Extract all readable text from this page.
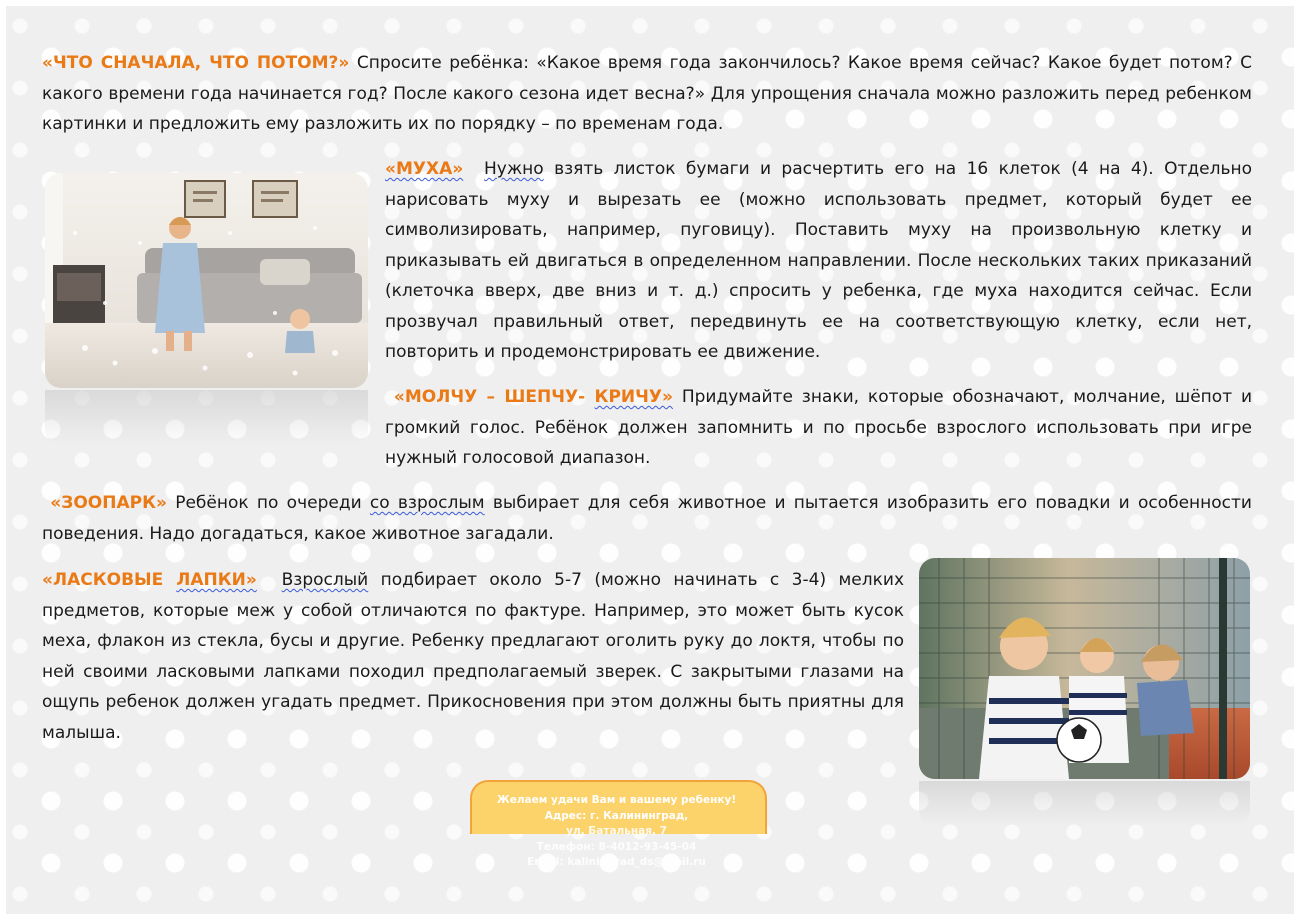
«ЧТО СНАЧАЛА, ЧТО ПОТОМ?» Спросите ребёнка: «Какое время года закончилось? Какое время сейчас? Какое будет потом? С какого времени года начинается год? После какого сезона идет весна?» Для упрощения сначала можно разложить перед ребенком картинки и предложить ему разложить их по порядку – по временам года.

«МУХА» Нужно взять листок бумаги и расчертить его на 16 клеток (4 на 4). Отдельно нарисовать муху и вырезать ее (можно использовать предмет, который будет ее символизировать, например, пуговицу). Поставить муху на произвольную клетку и приказывать ей двигаться в определенном направлении. После нескольких таких приказаний (клеточка вверх, две вниз и т. д.) спросить у ребенка, где муха находится сейчас. Если прозвучал правильный ответ, передвинуть ее на соответствующую клетку, если нет, повторить и продемонстрировать ее движение.

«МОЛЧУ – ШЕПЧУ- КРИЧУ» Придумайте знаки, которые обозначают, молчание, шёпот и громкий голос. Ребёнок должен запомнить и по просьбе взрослого использовать при игре нужный голосовой диапазон.

«ЗООПАРК» Ребёнок по очереди со взрослым выбирает для себя животное и пытается изобразить его повадки и особенности поведения. Надо догадаться, какое животное загадали.

«ЛАСКОВЫЕ ЛАПКИ» Взрослый подбирает около 5-7 (можно начинать с 3-4) мелких предметов, которые меж у собой отличаются по фактуре. Например, это может быть кусок меха, флакон из стекла, бусы и другие. Ребенку предлагают оголить руку до локтя, чтобы по ней своими ласковыми лапками походил предполагаемый зверек. С закрытыми глазами на ощупь ребенок должен угадать предмет. Прикосновения при этом должны быть приятны для малыша.

Желаем удачи Вам и вашему ребенку!
Адрес: г. Калининград,
ул. Батальная, 7
Телефон: 8-4012-93-45-04
Email: kaliningrad_ds@mail.ru
